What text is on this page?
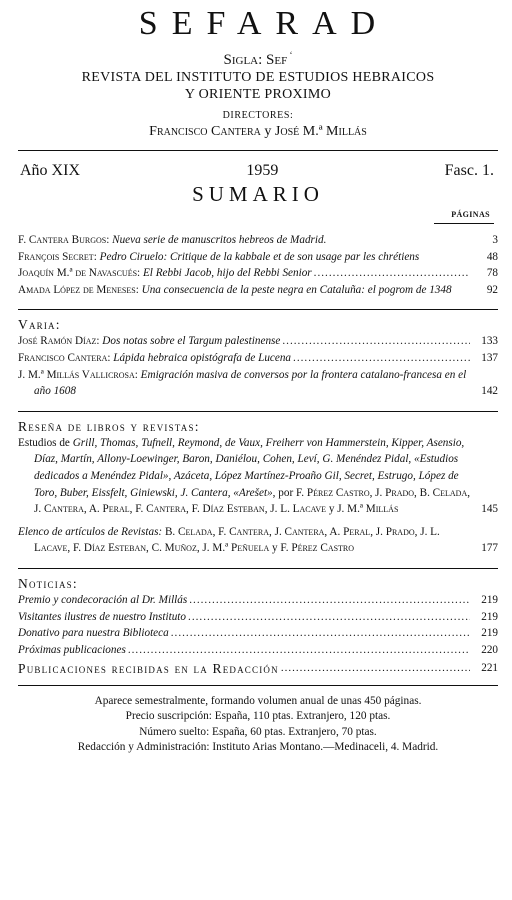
SEFARAD
Sigla: Sef ‘
REVISTA DEL INSTITUTO DE ESTUDIOS HEBRAICOS
Y ORIENTE PROXIMO
DIRECTORES:
Francisco Cantera y José M.ª Millás
Año XIX	1959	Fasc. 1.
SUMARIO
PÁGINAS
F. Cantera Burgos: Nueva serie de manuscritos hebreos de Madrid.	3
François Secret: Pedro Ciruelo: Critique de la kabbale et de son usage par les chrétiens	48
Joaquín M.ª de Navascués: El Rebbi Jacob, hijo del Rebbi Senior .....	78
Amada López de Meneses: Una consecuencia de la peste negra en Cataluña: el pogrom de 1348	92
Varia:
José Ramón Díaz: Dos notas sobre el Targum palestinense .....	133
Francisco Cantera: Lápida hebraica opistógrafa de Lucena .....	137
J. M.ª Millás Vallicrosa: Emigración masiva de conversos por la frontera catalano-francesa en el año 1608	142
Reseña de libros y revistas:
Estudios de Grill, Thomas, Tufnell, Reymond, de Vaux, Freiherr von Hammerstein, Kipper, Asensio, Díaz, Martín, Allony-Loewinger, Baron, Daniélou, Cohen, Leví, G. Menéndez Pidal, «Estudios dedicados a Menéndez Pidal», Azáceta, López Martínez-Proaño Gil, Secret, Estrugo, López de Toro, Buber, Eissfelt, Giniewski, J. Cantera, «Arešet», por F. Pérez Castro, J. Prado, B. Celada, J. Cantera, A. Peral, F. Cantera, F. Díaz Esteban, J. L. Lacave y J. M.ª Millás	145
Elenco de artículos de Revistas: B. Celada, F. Cantera, J. Cantera, A. Peral, J. Prado, J. L. Lacave, F. Díaz Esteban, C. Muñoz, J. M.ª Peñuela y F. Pérez Castro	177
Noticias:
Premio y condecoración al Dr. Millás .....	219
Visitantes ilustres de nuestro Instituto .....	219
Donativo para nuestra Biblioteca .....	219
Próximas publicaciones .....	220
Publicaciones recibidas en la Redacción .....	221
Aparece semestralmente, formando volumen anual de unas 450 páginas.
Precio suscripción: España, 110 ptas. Extranjero, 120 ptas.
Número suelto: España, 60 ptas. Extranjero, 70 ptas.
Redacción y Administración: Instituto Arias Montano.—Medinaceli, 4. Madrid.
